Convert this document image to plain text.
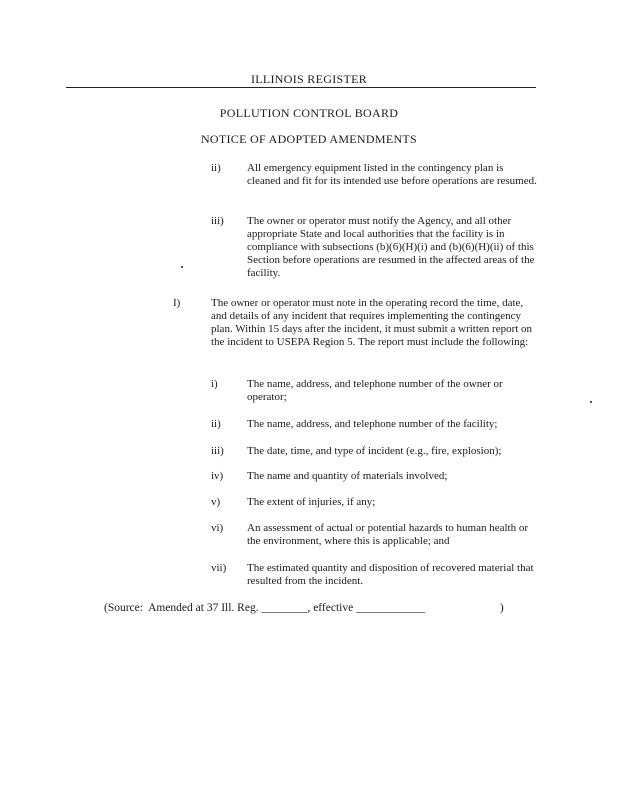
ILLINOIS REGISTER
POLLUTION CONTROL BOARD
NOTICE OF ADOPTED AMENDMENTS
ii) All emergency equipment listed in the contingency plan is cleaned and fit for its intended use before operations are resumed.
iii) The owner or operator must notify the Agency, and all other appropriate State and local authorities that the facility is in compliance with subsections (b)(6)(H)(i) and (b)(6)(H)(ii) of this Section before operations are resumed in the affected areas of the facility.
I)	The owner or operator must note in the operating record the time, date, and details of any incident that requires implementing the contingency plan. Within 15 days after the incident, it must submit a written report on the incident to USEPA Region 5. The report must include the following:
i)	The name, address, and telephone number of the owner or operator;
ii) The name, address, and telephone number of the facility;
iii) The date, time, and type of incident (e.g., fire, explosion);
iv) The name and quantity of materials involved;
v) The extent of injuries, if any;
vi) An assessment of actual or potential hazards to human health or the environment, where this is applicable; and
vii) The estimated quantity and disposition of recovered material that resulted from the incident.
(Source:  Amended at 37 Ill. Reg. ________, effective ____________                          )
